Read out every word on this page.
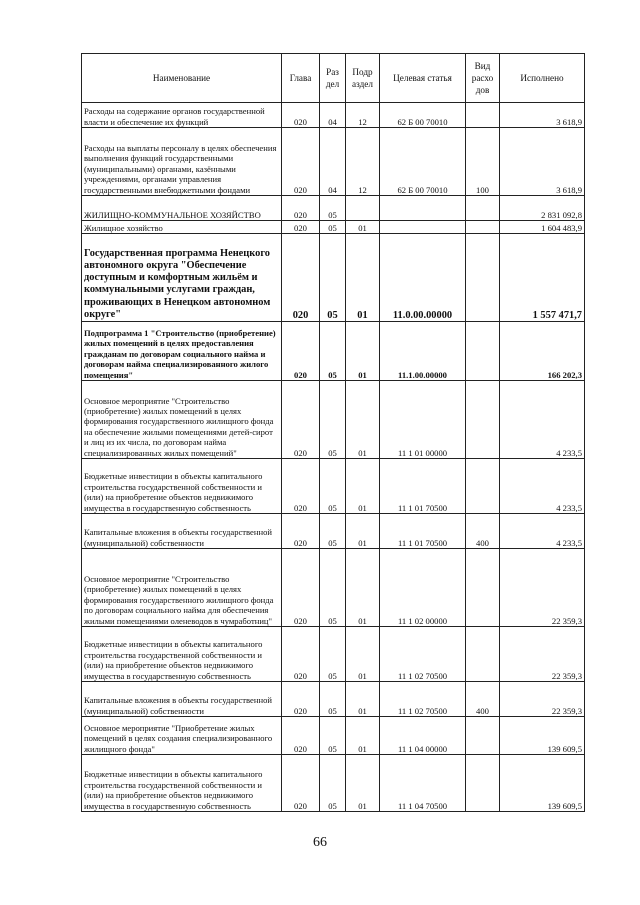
Наименование	Глава	Раз дел	Подр аздел	Целевая статья	Вид расхо дов	Исполнено
Расходы на содержание органов государственной власти и обеспечение их функций	020	04	12	62 Б 00 70010		3 618,9
Расходы на выплаты персоналу в целях обеспечения выполнения функций государственными (муниципальными) органами, казёнными учреждениями, органами управления государственными внебюджетными фондами	020	04	12	62 Б 00 70010	100	3 618,9
ЖИЛИЩНО-КОММУНАЛЬНОЕ ХОЗЯЙСТВО	020	05				2 831 092,8
Жилищное хозяйство	020	05	01			1 604 483,9
Государственная программа Ненецкого автономного округа "Обеспечение доступным и комфортным жильём и коммунальными услугами граждан, проживающих в Ненецком автономном округе"	020	05	01	11.0.00.00000		1 557 471,7
Подпрограмма 1 "Строительство (приобретение) жилых помещений в целях предоставления гражданам по договорам социального найма и договорам найма специализированного жилого помещения"	020	05	01	11.1.00.00000		166 202,3
Основное мероприятие "Строительство (приобретение) жилых помещений в целях формирования государственного жилищного фонда на обеспечение жилыми помещениями детей-сирот и лиц из их числа, по договорам найма специализированных жилых помещений"	020	05	01	11 1 01 00000		4 233,5
Бюджетные инвестиции в объекты капитального строительства государственной собственности и (или) на приобретение объектов недвижимого имущества в государственную собственность	020	05	01	11 1 01 70500		4 233,5
Капитальные вложения в объекты государственной (муниципальной) собственности	020	05	01	11 1 01 70500	400	4 233,5
Основное мероприятие "Строительство (приобретение) жилых помещений в целях формирования государственного жилищного фонда по договорам социального найма для обеспечения жилыми помещениями оленеводов в чумработниц"	020	05	01	11 1 02 00000		22 359,3
Бюджетные инвестиции в объекты капитального строительства государственной собственности и (или) на приобретение объектов недвижимого имущества в государственную собственность	020	05	01	11 1 02 70500		22 359,3
Капитальные вложения в объекты государственной (муниципальной) собственности	020	05	01	11 1 02 70500	400	22 359,3
Основное мероприятие "Приобретение жилых помещений в целях создания специализированного жилищного фонда"	020	05	01	11 1 04 00000		139 609,5
Бюджетные инвестиции в объекты капитального строительства государственной собственности и (или) на приобретение объектов недвижимого имущества в государственную собственность	020	05	01	11 1 04 70500		139 609,5
66
